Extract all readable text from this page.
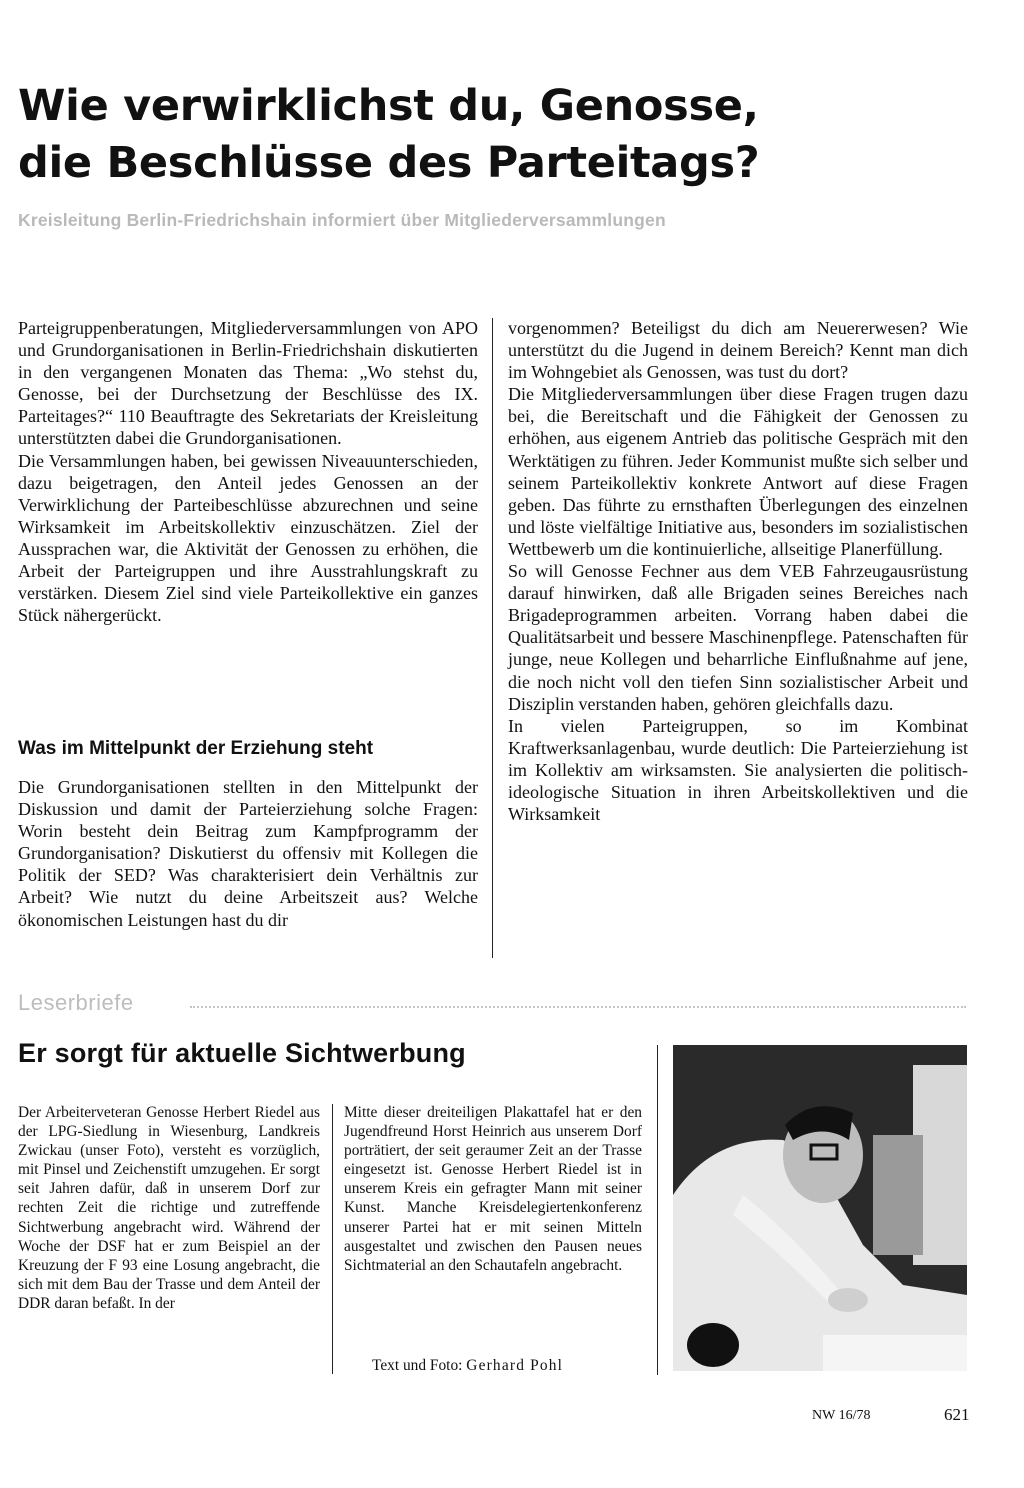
Wie verwirklichst du, Genosse,
die Beschlüsse des Parteitags?
Kreisleitung Berlin-Friedrichshain informiert über Mitgliederversammlungen

Parteigruppenberatungen, Mitgliederversammlungen von APO und Grundorganisationen in Berlin-Friedrichshain diskutierten in den vergangenen Monaten das Thema: „Wo stehst du, Genosse, bei der Durchsetzung der Beschlüsse des IX. Parteitages?“ 110 Beauftragte des Sekretariats der Kreisleitung unterstützten dabei die Grundorganisationen.

Die Versammlungen haben, bei gewissen Niveauunterschieden, dazu beigetragen, den Anteil jedes Genossen an der Verwirklichung der Parteibeschlüsse abzurechnen und seine Wirksamkeit im Arbeitskollektiv einzuschätzen. Ziel der Aussprachen war, die Aktivität der Genossen zu erhöhen, die Arbeit der Parteigruppen und ihre Ausstrahlungskraft zu verstärken. Diesem Ziel sind viele Parteikollektive ein ganzes Stück nähergerückt.

Was im Mittelpunkt der Erziehung steht

Die Grundorganisationen stellten in den Mittelpunkt der Diskussion und damit der Parteierziehung solche Fragen: Worin besteht dein Beitrag zum Kampfprogramm der Grundorganisation? Diskutierst du offensiv mit Kollegen die Politik der SED? Was charakterisiert dein Verhältnis zur Arbeit? Wie nutzt du deine Arbeitszeit aus? Welche ökonomischen Leistungen hast du dir

vorgenommen? Beteiligst du dich am Neuererwesen? Wie unterstützt du die Jugend in deinem Bereich? Kennt man dich im Wohngebiet als Genossen, was tust du dort?

Die Mitgliederversammlungen über diese Fragen trugen dazu bei, die Bereitschaft und die Fähigkeit der Genossen zu erhöhen, aus eigenem Antrieb das politische Gespräch mit den Werktätigen zu führen. Jeder Kommunist mußte sich selber und seinem Parteikollektiv konkrete Antwort auf diese Fragen geben. Das führte zu ernsthaften Überlegungen des einzelnen und löste vielfältige Initiative aus, besonders im sozialistischen Wettbewerb um die kontinuierliche, allseitige Planerfüllung.

So will Genosse Fechner aus dem VEB Fahrzeugausrüstung darauf hinwirken, daß alle Brigaden seines Bereiches nach Brigadeprogrammen arbeiten. Vorrang haben dabei die Qualitätsarbeit und bessere Maschinenpflege. Patenschaften für junge, neue Kollegen und beharrliche Einflußnahme auf jene, die noch nicht voll den tiefen Sinn sozialistischer Arbeit und Disziplin verstanden haben, gehören gleichfalls dazu.

In vielen Parteigruppen, so im Kombinat Kraftwerksanlagenbau, wurde deutlich: Die Parteierziehung ist im Kollektiv am wirksamsten. Sie analysierten die politisch-ideologische Situation in ihren Arbeitskollektiven und die Wirksamkeit

Leserbriefe
Er sorgt für aktuelle Sichtwerbung

Der Arbeiterveteran Genosse Herbert Riedel aus der LPG-Siedlung in Wiesenburg, Landkreis Zwickau (unser Foto), versteht es vorzüglich, mit Pinsel und Zeichenstift umzugehen. Er sorgt seit Jahren dafür, daß in unserem Dorf zur rechten Zeit die richtige und zutreffende Sichtwerbung angebracht wird. Während der Woche der DSF hat er zum Beispiel an der Kreuzung der F 93 eine Losung angebracht, die sich mit dem Bau der Trasse und dem Anteil der DDR daran befaßt. In der

Mitte dieser dreiteiligen Plakattafel hat er den Jugendfreund Horst Heinrich aus unserem Dorf porträtiert, der seit geraumer Zeit an der Trasse eingesetzt ist. Genosse Herbert Riedel ist in unserem Kreis ein gefragter Mann mit seiner Kunst. Manche Kreisdelegiertenkonferenz unserer Partei hat er mit seinen Mitteln ausgestaltet und zwischen den Pausen neues Sichtmaterial an den Schautafeln angebracht.

Text und Foto: Gerhard Pohl
NW 16/78	621
